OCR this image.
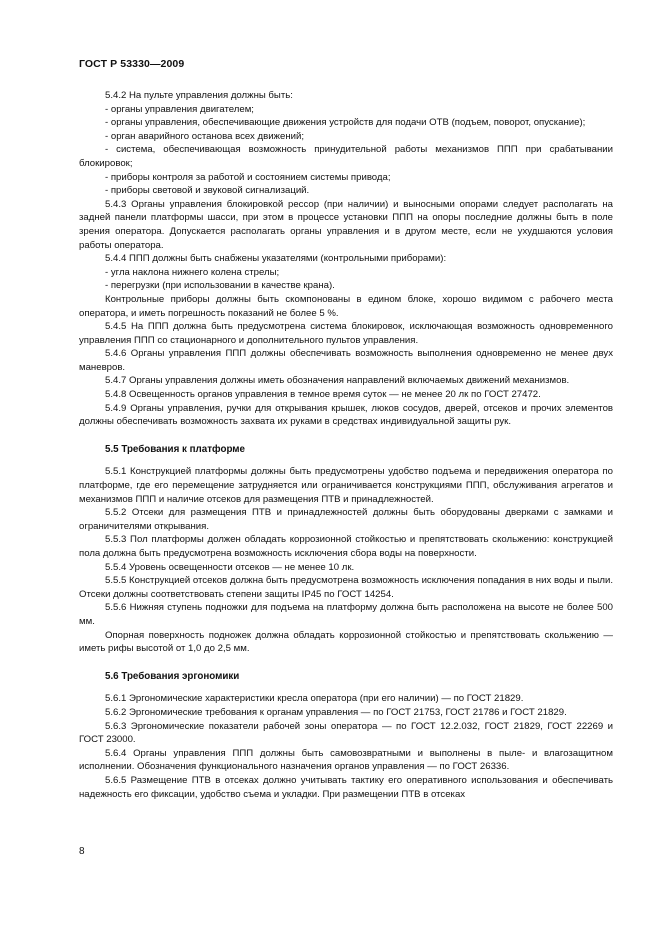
ГОСТ Р 53330—2009

5.4.2 На пульте управления должны быть:

- органы управления двигателем;

- органы управления, обеспечивающие движения устройств для подачи ОТВ (подъем, поворот, опускание);

- орган аварийного останова всех движений;

- система, обеспечивающая возможность принудительной работы механизмов ППП при срабатывании блокировок;

- приборы контроля за работой и состоянием системы привода;

- приборы световой и звуковой сигнализаций.

5.4.3 Органы управления блокировкой рессор (при наличии) и выносными опорами следует располагать на задней панели платформы шасси, при этом в процессе установки ППП на опоры последние должны быть в поле зрения оператора. Допускается располагать органы управления и в другом месте, если не ухудшаются условия работы оператора.

5.4.4 ППП должны быть снабжены указателями (контрольными приборами):

- угла наклона нижнего колена стрелы;

- перегрузки (при использовании в качестве крана).

Контрольные приборы должны быть скомпонованы в едином блоке, хорошо видимом с рабочего места оператора, и иметь погрешность показаний не более 5 %.

5.4.5 На ППП должна быть предусмотрена система блокировок, исключающая возможность одновременного управления ППП со стационарного и дополнительного пультов управления.

5.4.6 Органы управления ППП должны обеспечивать возможность выполнения одновременно не менее двух маневров.

5.4.7 Органы управления должны иметь обозначения направлений включаемых движений механизмов.

5.4.8 Освещенность органов управления в темное время суток — не менее 20 лк по ГОСТ 27472.

5.4.9 Органы управления, ручки для открывания крышек, люков сосудов, дверей, отсеков и прочих элементов должны обеспечивать возможность захвата их руками в средствах индивидуальной защиты рук.

5.5 Требования к платформе

5.5.1 Конструкцией платформы должны быть предусмотрены удобство подъема и передвижения оператора по платформе, где его перемещение затрудняется или ограничивается конструкциями ППП, обслуживания агрегатов и механизмов ППП и наличие отсеков для размещения ПТВ и принадлежностей.

5.5.2 Отсеки для размещения ПТВ и принадлежностей должны быть оборудованы дверками с замками и ограничителями открывания.

5.5.3 Пол платформы должен обладать коррозионной стойкостью и препятствовать скольжению: конструкцией пола должна быть предусмотрена возможность исключения сбора воды на поверхности.

5.5.4 Уровень освещенности отсеков — не менее 10 лк.

5.5.5 Конструкцией отсеков должна быть предусмотрена возможность исключения попадания в них воды и пыли. Отсеки должны соответствовать степени защиты IP45 по ГОСТ 14254.

5.5.6 Нижняя ступень подножки для подъема на платформу должна быть расположена на высоте не более 500 мм.

Опорная поверхность подножек должна обладать коррозионной стойкостью и препятствовать скольжению — иметь рифы высотой от 1,0 до 2,5 мм.

5.6 Требования эргономики

5.6.1 Эргономические характеристики кресла оператора (при его наличии) — по ГОСТ 21829.

5.6.2 Эргономические требования к органам управления — по ГОСТ 21753, ГОСТ 21786 и ГОСТ 21829.

5.6.3 Эргономические показатели рабочей зоны оператора — по ГОСТ 12.2.032, ГОСТ 21829, ГОСТ 22269 и ГОСТ 23000.

5.6.4 Органы управления ППП должны быть самовозвратными и выполнены в пыле- и влагозащитном исполнении. Обозначения функционального назначения органов управления — по ГОСТ 26336.

5.6.5 Размещение ПТВ в отсеках должно учитывать тактику его оперативного использования и обеспечивать надежность его фиксации, удобство съема и укладки. При размещении ПТВ в отсеках

8
